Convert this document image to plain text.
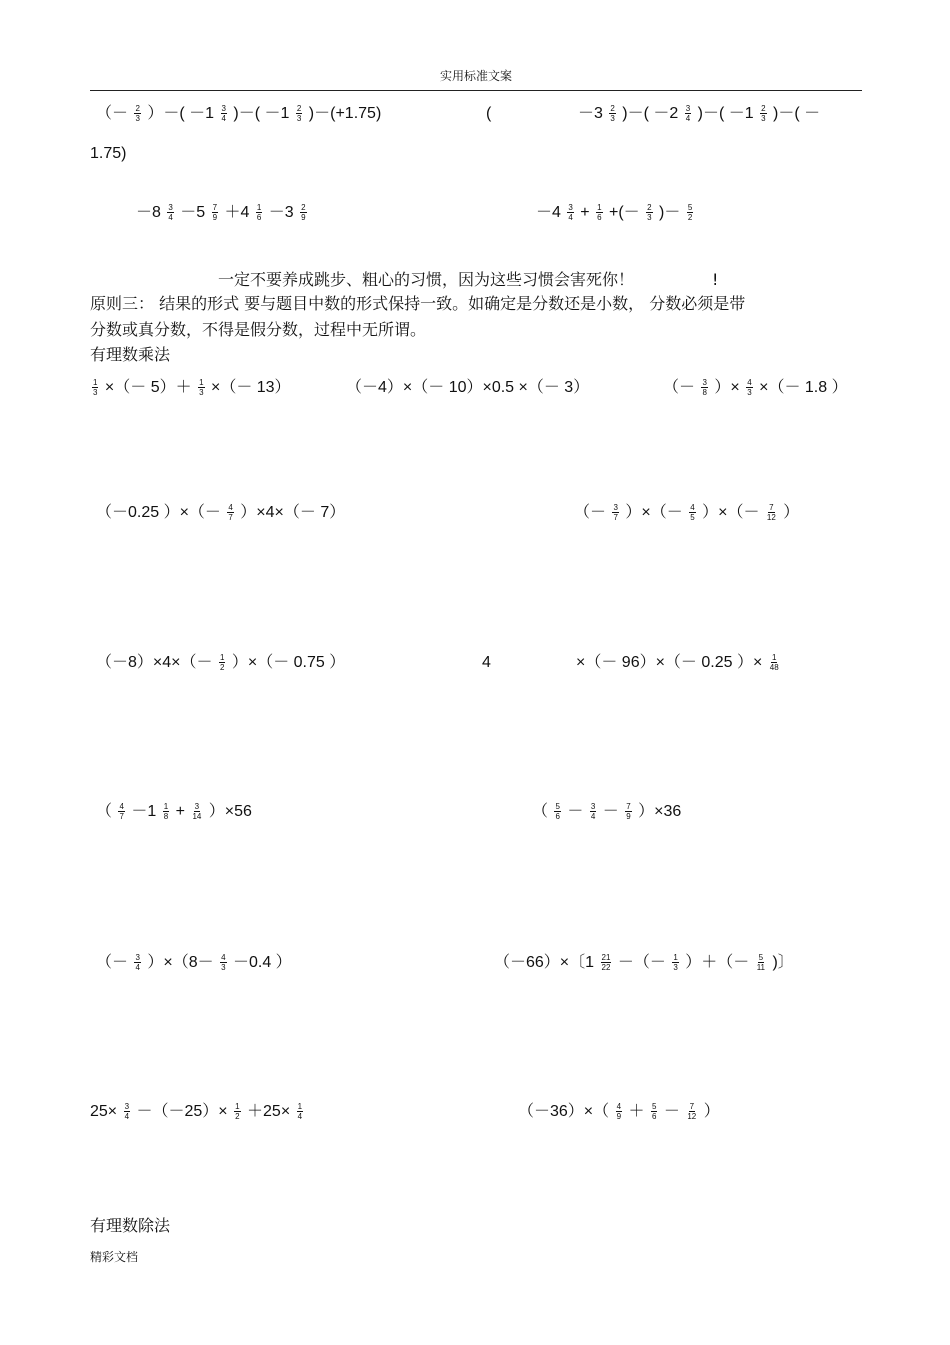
实用标准文案
（－ $\frac{2}{3}$ ）－( $-1 \frac{3}{4}$ )－( $-1 \frac{2}{3} )-(+1.75)$	(	$-3 \frac{2}{3}$ )－( $-2 \frac{3}{4}$ )－( $-1 \frac{2}{3}$ )－( －
1.75)
$-8 \frac{3}{4} -5 \frac{7}{9} +4 \frac{1}{6} -3 \frac{2}{9}$	$-4 \frac{3}{4} + \frac{1}{6}$ +(－ $\frac{2}{3}$ )－ $\frac{5}{2}$
一定不要养成跳步、粗心的习惯，因为这些习惯会害死你！	!
原则三： 结果的形式 要与题目中数的形式保持一致。如确定是分数还是小数， 分数必须是带
分数或真分数，不得是假分数，过程中无所谓。
有理数乘法
$\frac{1}{3}$ ×（－ $5)+ \frac{1}{3}$ ×（－ 13）	（－4）×（－ 10）×0.5 ×（－ 3）	（－ $\frac{3}{8}$ ）× $\frac{4}{3}$ ×（－ 1.8 ）
（－0.25 ）×（－ $\frac{4}{7} )\times 4\times(- 7)$	（－ $\frac{3}{7}$ ）×（－ $\frac{4}{5}$ ）×（－ $\frac{7}{12}$ ）
$(-8)\times 4\times(- \frac{1}{2}$ ）×（－ 0.75 ）	4	×（－ 96）×（－ 0.25 ）× $\frac{1}{48}$
（ $\frac{4}{7} -1 \frac{1}{8} + \frac{3}{14} )\times 56$	（ $\frac{5}{6} - \frac{3}{4} - \frac{7}{9} )\times 36$
（－ $\frac{3}{4} )\times(8- \frac{4}{3} -0.4$ ）	（－66）×〔$1 \frac{21}{22}$ －（－ $\frac{1}{3}$ ）＋（－ $\frac{5}{11}$ )〕
$25\times \frac{3}{4} -(-25)\times \frac{1}{2} +25\times \frac{1}{4}$	$(-36)\times( \frac{4}{9} + \frac{5}{6} - \frac{7}{12}$ ）
有理数除法
精彩文档
